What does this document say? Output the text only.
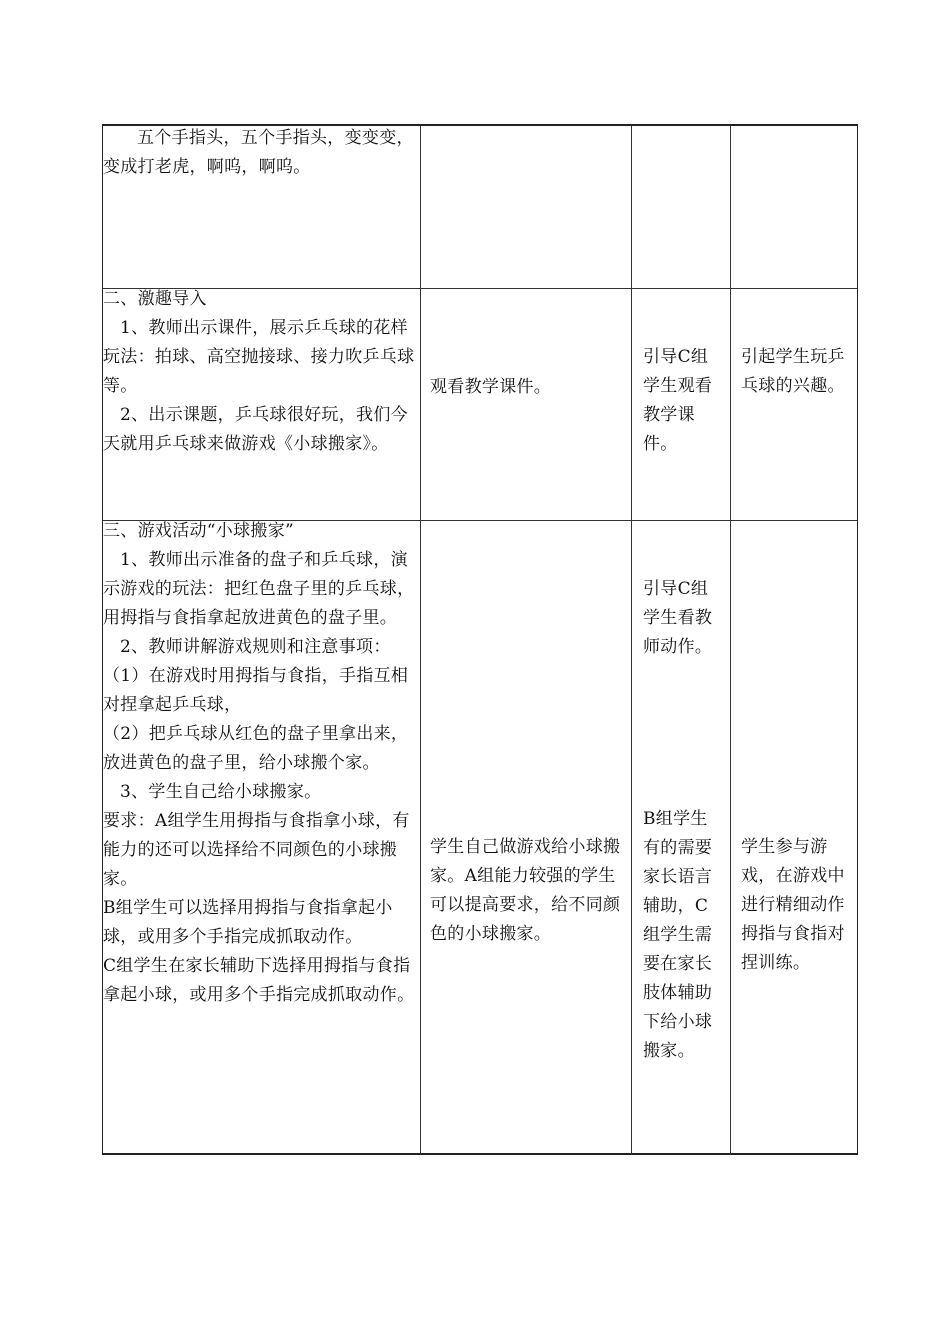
五个手指头，五个手指头，变变变，变成打老虎，啊呜，啊呜。

二、激趣导入

1、教师出示课件，展示乒乓球的花样玩法：拍球、高空抛接球、接力吹乒乓球等。

2、出示课题，乒乓球很好玩，我们今天就用乒乓球来做游戏《小球搬家》。

观看教学课件。

引导C组学生观看教学课件。

引起学生玩乒乓球的兴趣。

三、游戏活动“小球搬家”

1、教师出示准备的盘子和乒乓球，演示游戏的玩法：把红色盘子里的乒乓球，用拇指与食指拿起放进黄色的盘子里。

2、教师讲解游戏规则和注意事项：

（1）在游戏时用拇指与食指，手指互相对捏拿起乒乓球，

（2）把乒乓球从红色的盘子里拿出来，放进黄色的盘子里，给小球搬个家。

3、学生自己给小球搬家。

要求：A组学生用拇指与食指拿小球，有能力的还可以选择给不同颜色的小球搬家。

B组学生可以选择用拇指与食指拿起小球，或用多个手指完成抓取动作。

C组学生在家长辅助下选择用拇指与食指拿起小球，或用多个手指完成抓取动作。

学生自己做游戏给小球搬家。A组能力较强的学生可以提高要求，给不同颜色的小球搬家。

引导C组学生看教师动作。

B组学生有的需要家长语言辅助，C组学生需要在家长肢体辅助下给小球搬家。

学生参与游戏，在游戏中进行精细动作拇指与食指对捏训练。
